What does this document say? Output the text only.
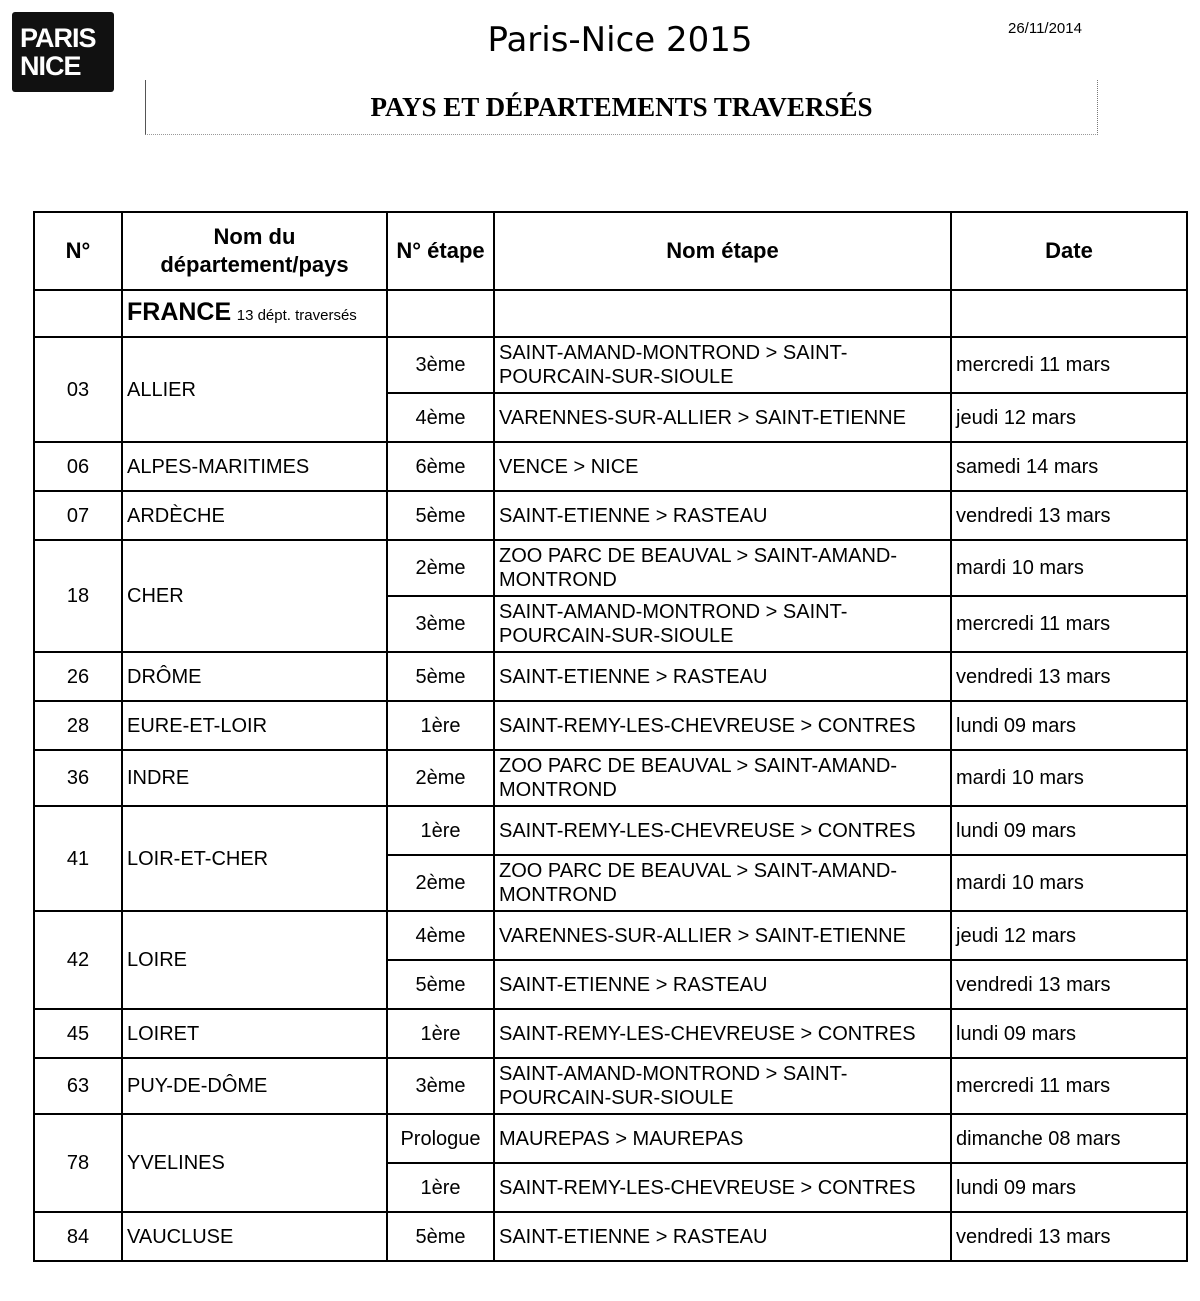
PARIS
NICE
Paris-Nice 2015	26/11/2014
PAYS ET DÉPARTEMENTS TRAVERSÉS
N°	Nom du département/pays	N° étape	Nom étape	Date
	FRANCE 13 dépt. traversés			
03	ALLIER	3ème	SAINT-AMAND-MONTROND > SAINT-POURCAIN-SUR-SIOULE	mercredi 11 mars
		4ème	VARENNES-SUR-ALLIER > SAINT-ETIENNE	jeudi 12 mars
06	ALPES-MARITIMES	6ème	VENCE > NICE	samedi 14 mars
07	ARDÈCHE	5ème	SAINT-ETIENNE > RASTEAU	vendredi 13 mars
18	CHER	2ème	ZOO PARC DE BEAUVAL > SAINT-AMAND-MONTROND	mardi 10 mars
		3ème	SAINT-AMAND-MONTROND > SAINT-POURCAIN-SUR-SIOULE	mercredi 11 mars
26	DRÔME	5ème	SAINT-ETIENNE > RASTEAU	vendredi 13 mars
28	EURE-ET-LOIR	1ère	SAINT-REMY-LES-CHEVREUSE > CONTRES	lundi 09 mars
36	INDRE	2ème	ZOO PARC DE BEAUVAL > SAINT-AMAND-MONTROND	mardi 10 mars
41	LOIR-ET-CHER	1ère	SAINT-REMY-LES-CHEVREUSE > CONTRES	lundi 09 mars
		2ème	ZOO PARC DE BEAUVAL > SAINT-AMAND-MONTROND	mardi 10 mars
42	LOIRE	4ème	VARENNES-SUR-ALLIER > SAINT-ETIENNE	jeudi 12 mars
		5ème	SAINT-ETIENNE > RASTEAU	vendredi 13 mars
45	LOIRET	1ère	SAINT-REMY-LES-CHEVREUSE > CONTRES	lundi 09 mars
63	PUY-DE-DÔME	3ème	SAINT-AMAND-MONTROND > SAINT-POURCAIN-SUR-SIOULE	mercredi 11 mars
78	YVELINES	Prologue	MAUREPAS > MAUREPAS	dimanche 08 mars
		1ère	SAINT-REMY-LES-CHEVREUSE > CONTRES	lundi 09 mars
84	VAUCLUSE	5ème	SAINT-ETIENNE > RASTEAU	vendredi 13 mars
